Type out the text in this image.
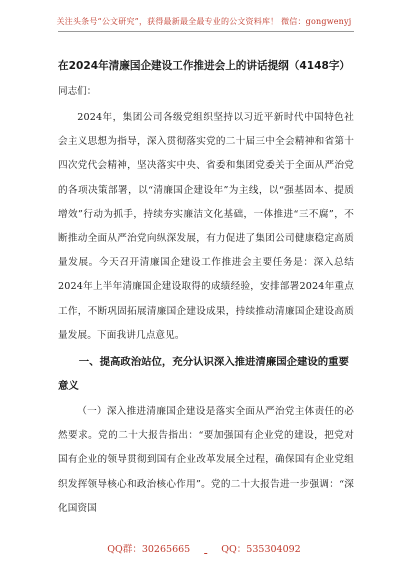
关注头条号“公文研究”，获得最新最全最专业的公文资料库！ 微信：gongwenyj

在2024年清廉国企建设工作推进会上的讲话提纲（4148字）

同志们：

2024年，集团公司各级党组织坚持以习近平新时代中国特色社会主义思想为指导，深入贯彻落实党的二十届三中全会精神和省第十四次党代会精神，坚决落实中央、省委和集团党委关于全面从严治党的各项决策部署，以“清廉国企建设年”为主线，以“强基固本、提质增效”行动为抓手，持续夯实廉洁文化基础，一体推进“三不腐”，不断推动全面从严治党向纵深发展，有力促进了集团公司健康稳定高质量发展。今天召开清廉国企建设工作推进会主要任务是：深入总结2024年上半年清廉国企建设取得的成绩经验，安排部署2024年重点工作，不断巩固拓展清廉国企建设成果，持续推动清廉国企建设高质量发展。下面我讲几点意见。

一、提高政治站位，充分认识深入推进清廉国企建设的重要意义

（一）深入推进清廉国企建设是落实全面从严治党主体责任的必然要求。党的二十大报告指出：“要加强国有企业党的建设，把党对国有企业的领导贯彻到国有企业改革发展全过程，确保国有企业党组织发挥领导核心和政治核心作用”。党的二十大报告进一步强调：“深化国资国

QQ群：30265665	QQ：535304092
